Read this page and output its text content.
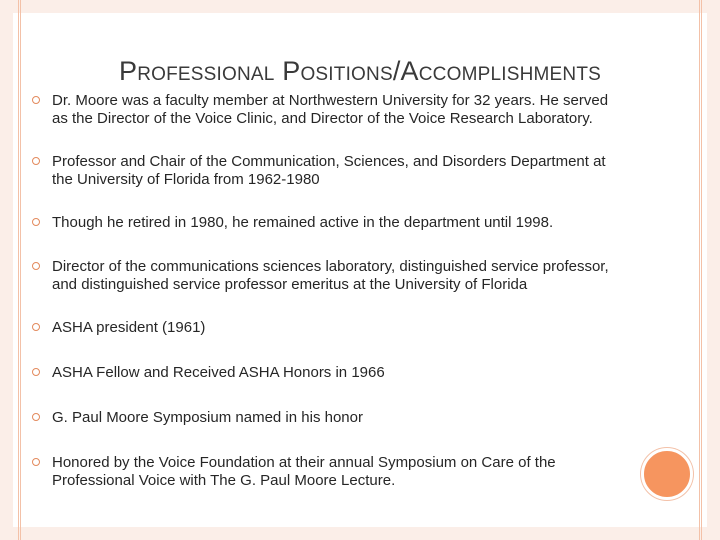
Professional Positions/Accomplishments
Dr. Moore was a faculty member at Northwestern University for 32 years. He served
as the Director of the Voice Clinic, and Director of the Voice Research Laboratory.
Professor and Chair of the Communication, Sciences, and Disorders Department at
the University of Florida from 1962-1980
Though he retired in 1980, he remained active in the department until 1998.
Director of the communications sciences laboratory, distinguished service professor,
and distinguished service professor emeritus at the University of Florida
ASHA president (1961)
ASHA Fellow and Received ASHA Honors in 1966
G. Paul Moore Symposium named in his honor
Honored by the Voice Foundation at their annual Symposium on Care of the
Professional Voice with The G. Paul Moore Lecture.
